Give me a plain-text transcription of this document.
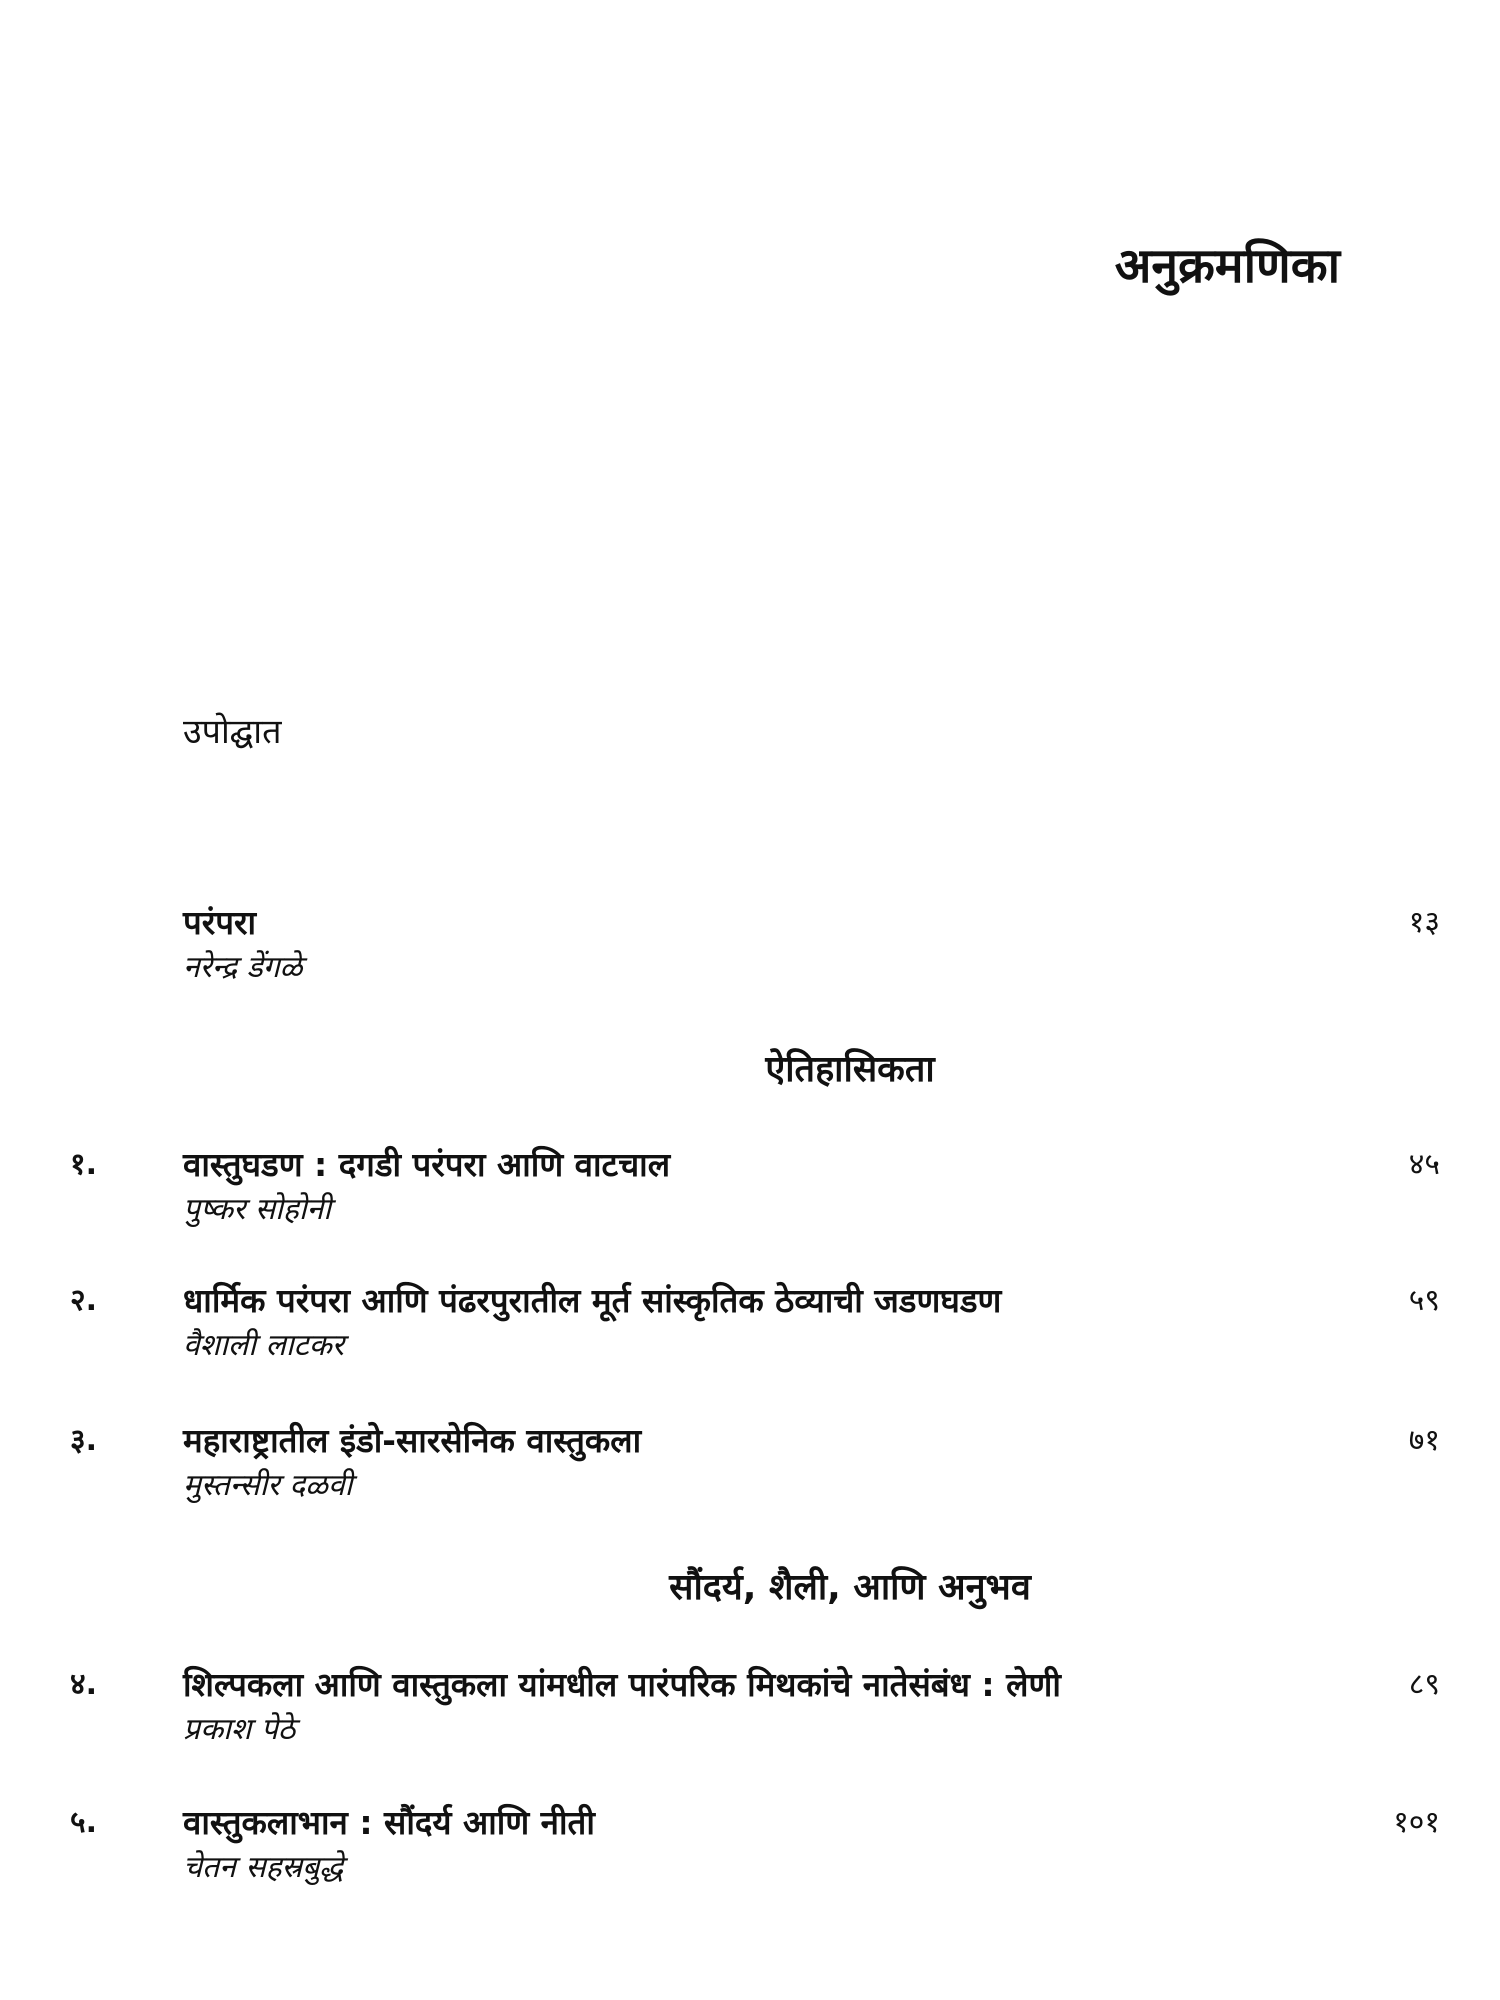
अनुक्रमणिका
उपोद्घात
परंपरा
नरेन्द्र डेंगळे
१३
ऐतिहासिकता
१.	वास्तुघडण : दगडी परंपरा आणि वाटचाल
पुष्कर सोहोनी
४५
२.	धार्मिक परंपरा आणि पंढरपुरातील मूर्त सांस्कृतिक ठेव्याची जडणघडण
वैशाली लाटकर
५९
३.	महाराष्ट्रातील इंडो-सारसेनिक वास्तुकला
मुस्तन्सीर दळवी
७१
सौंदर्य, शैली, आणि अनुभव
४.	शिल्पकला आणि वास्तुकला यांमधील पारंपरिक मिथकांचे नातेसंबंध : लेणी
प्रकाश पेठे
८९
५.	वास्तुकलाभान : सौंदर्य आणि नीती
चेतन सहस्रबुद्धे
१०१
